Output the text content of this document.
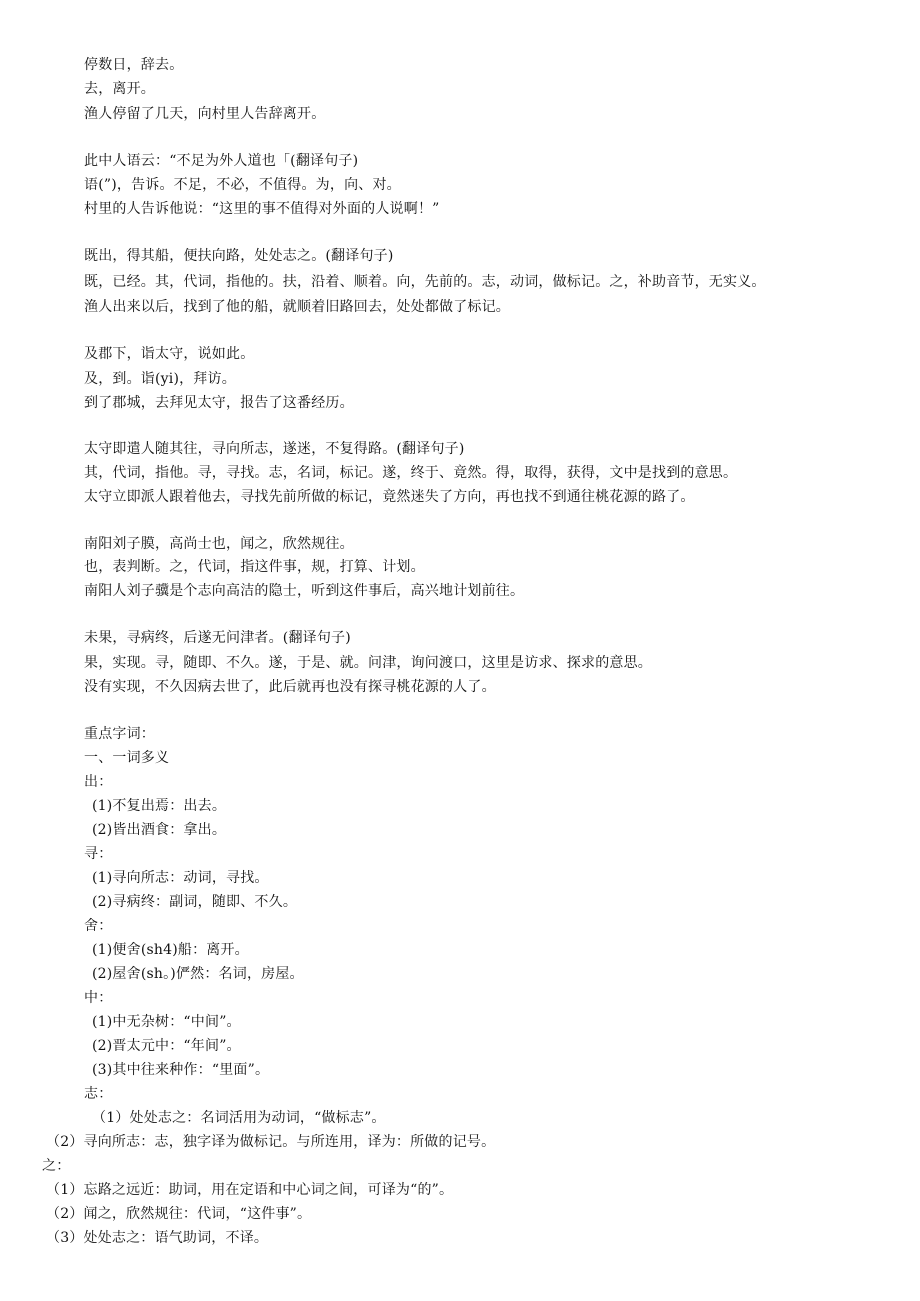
停数日，辞去。
去，离开。
渔人停留了几天，向村里人告辞离开。
此中人语云：“不足为外人道也「(翻译句子)
语(”)，告诉。不足，不必，不值得。为，向、对。
村里的人告诉他说：“这里的事不值得对外面的人说啊！”
既出，得其船，便扶向路，处处志之。(翻译句子)
既，已经。其，代词，指他的。扶，沿着、顺着。向，先前的。志，动词，做标记。之，补助音节，无实义。
渔人出来以后，找到了他的船，就顺着旧路回去，处处都做了标记。
及郡下，诣太守，说如此。
及，到。诣(yi)，拜访。
到了郡城，去拜见太守，报告了这番经历。
太守即遣人随其往，寻向所志，遂迷，不复得路。(翻译句子)
其，代词，指他。寻，寻找。志，名词，标记。遂，终于、竟然。得，取得，获得，文中是找到的意思。
太守立即派人跟着他去，寻找先前所做的标记，竟然迷失了方向，再也找不到通往桃花源的路了。
南阳刘子膜，高尚士也，闻之，欣然规往。
也，表判断。之，代词，指这件事，规，打算、计划。
南阳人刘子骥是个志向高洁的隐士，听到这件事后，高兴地计划前往。
未果，寻病终，后遂无问津者。(翻译句子)
果，实现。寻，随即、不久。遂，于是、就。问津，询问渡口，这里是访求、探求的意思。
没有实现，不久因病去世了，此后就再也没有探寻桃花源的人了。
重点字词：
一、一词多义
出：
(1)不复出焉：出去。
(2)皆出酒食：拿出。
寻：
(1)寻向所志：动词，寻找。
(2)寻病终：副词，随即、不久。
舍：
(1)便舍(sh4)船：离开。
(2)屋舍(sh。)俨然：名词，房屋。
中：
(1)中无杂树：“中间”。
(2)晋太元中：“年间”。
(3)其中往来种作：“里面”。
志：
（1）处处志之：名词活用为动词，“做标志”。
（2）寻向所志：志，独字译为做标记。与所连用，译为：所做的记号。
之：
（1）忘路之远近：助词，用在定语和中心词之间，可译为“的”。
（2）闻之，欣然规往：代词，“这件事”。
（3）处处志之：语气助词，不译。
